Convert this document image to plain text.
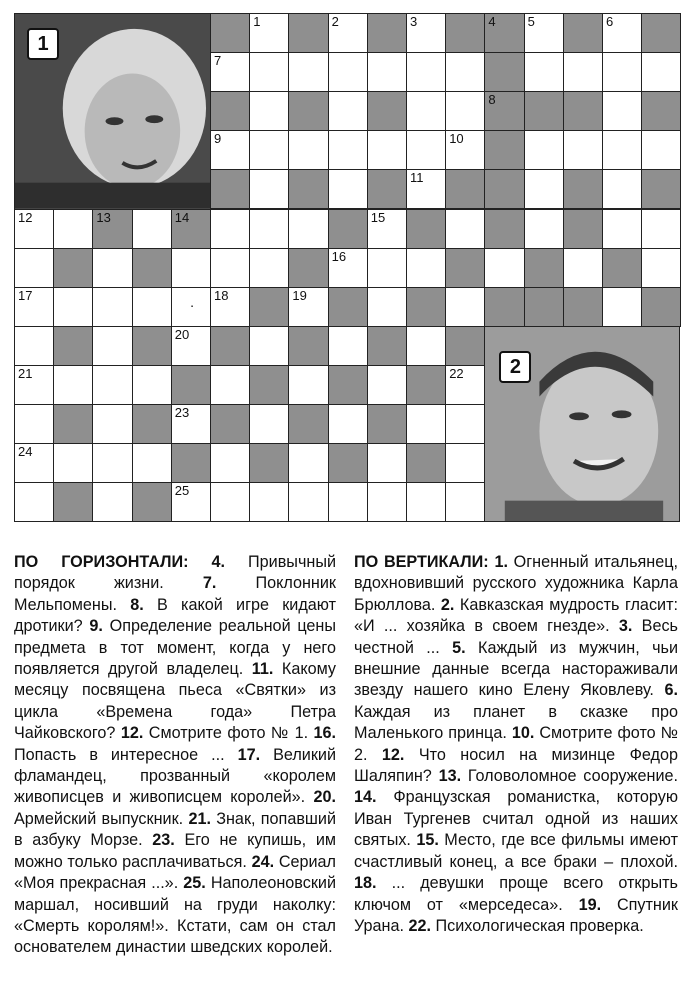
1	2	3	4 5	6
7
8
9	10
11
12	13	14	15
16
17
·
18	19
20
21	22
23
24
25
1
2
ПО ГОРИЗОНТАЛИ: 4. Привычный порядок жизни. 7. Поклонник Мельпомены. 8. В какой игре кидают дротики? 9. Определение реальной цены предмета в тот момент, когда у него появляется другой владелец. 11. Какому месяцу посвящена пьеса «Святки» из цикла «Времена года» Петра Чайковского? 12. Смотрите фото № 1. 16. Попасть в интересное ... 17. Великий фламандец, прозванный «королем живописцев и живописцем королей». 20. Армейский выпускник. 21. Знак, попавший в азбуку Морзе. 23. Его не купишь, им можно только расплачиваться. 24. Сериал «Моя прекрасная ...». 25. Наполеоновский маршал, носивший на груди наколку: «Смерть королям!». Кстати, сам он стал основателем династии шведских королей.
ПО ВЕРТИКАЛИ: 1. Огненный итальянец, вдохновивший русского художника Карла Брюллова. 2. Кавказская мудрость гласит: «И ... хозяйка в своем гнезде». 3. Весь честной ... 5. Каждый из мужчин, чьи внешние данные всегда настораживали звезду нашего кино Елену Яковлеву. 6. Каждая из планет в сказке про Маленького принца. 10. Смотрите фото № 2. 12. Что носил на мизинце Федор Шаляпин? 13. Головоломное сооружение. 14. Французская романистка, которую Иван Тургенев считал одной из наших святых. 15. Место, где все фильмы имеют счастливый конец, а все браки – плохой. 18. ... девушки проще всего открыть ключом от «мерседеса». 19. Спутник Урана. 22. Психологическая проверка.
